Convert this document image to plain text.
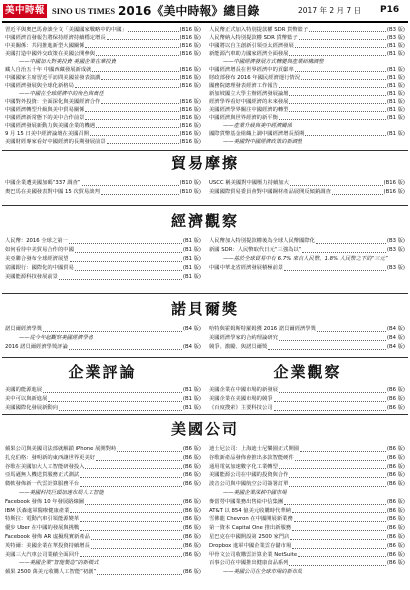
美中時報 SINO US TIMES 2016《美中時報》總目錄	2017 年 2 月 7 日 P16
習近平與奧巴馬會談全文「美國國家戰略中的中國」	(B16 版)
中國經濟首發報告將保持經濟持續穩定增長	(B16 版)
中美關係：共同推進新型大國關係	(B16 版)
美國打造中國外交政策在美國公開參與	(B16 版)
——中國加大對美投資 美國企業在華投資
藏人自治五十年 中國西藏發展新成就	(B16 版)
中國國家主席習近平訪問美國並發表演講	(B16 版)
中國經濟發展與全球化新格局	(B16 版)
——中國在全球經濟中的角色與責任
中國對外投資：全面深化與美國經濟合作	(B16 版)
中國經濟轉型升級與美中貿易關係	(B16 版)
中國經濟新常態下的美中合作前景	(B16 版)
中國經濟發展新動力與美國企業的機遇	(B16 版)
9 月 15 日美中經濟論壇在美國召開	(B16 版)
美國財經專家看好中國經濟的長期發展前景	(B16 版)
人民幣正式加入特別提款權 SDR 貨幣籃子	(B3 版)
人民幣納入特別提款權 SDR 貨幣籃子	(B3 版)
中國將以自主創新引領亞太經濟發展	(B1 版)
新能源汽車助力國家經濟全面發展	(B1 版)
——中國經濟發展方式轉變與產業結構調整
中國經濟增長在世界經濟中的貢獻率	(B1 版)
財政部發布 2016 年國民經濟運行情況	(B1 版)
國務院總理發表經濟工作報告	(B1 版)
新加坡國立大學主辦經濟發展論壇	(B1 版)
經濟學界看好中國經濟的未來發展	(B1 版)
美國經濟學界關注中國經濟的轉型	(B1 版)
中國經濟與世界經濟的新平衡	(B1 版)
——產業升級與美中經濟關係
國際貨幣基金組織上調中國經濟增長預期	(B1 版)
——美國對中國經濟政策的新調整
貿易摩擦
中國企業遭美國加碼“337 調查”	(B10 版)
奧巴馬在美國發表對中國 15 次貿易談判	(B10 版)
USCC 稱美國對中國壓力持續加大	(B16 版)
美國國際貿易委員會對中國鋼材產品展開反傾銷調查	(B16 版)
經濟觀察
人民幣：2016 全球之第一	(B1 版)
如何看待中美貿易合作的中國	(B1 版)
美亞聯合發布全球經濟展望	(B1 版)
富國銀行：國際化的中國貿易	(B1 版)
美國能源科技發展前景	(B1 版)
人民幣加入特別提款權後為全球人民幣國際化	(B3 版)
新國 SDR：人民幣取代日元“三強為以”	(B3 版)
——基於全球貿易中有 6.7% 來自人民幣，1.8% 人民幣之下的“三元”
中國中華北省經濟發展積極前景	(B3 版)
諾貝爾獎
諾貝爾經濟學獎	(B4 版)
——從今年起觀察美國經濟學者
2016 諾貝爾經濟學獎評論	(B4 版)
哈特與霍姆斯特羅姆獲 2016 諾貝爾經濟學獎	(B4 版)
美國經濟學家的合約理論研究	(B4 版)
競爭、激勵、與諾貝爾獎	(B4 版)
企業評論	企業觀察
美國的能源進展	(B1 版)
美中可以與新進展	(B1 版)
美國國際化發展新動向	(B1 版)
美國企業在中國市場的新發展	(B6 版)
美國企業在美國市場的競爭	(B6 版)
《百度搜索》主要科技公司	(B6 版)
美國公司
蘋果公司與美國司法部就解鎖 iPhone 展開對峙	(B6 版)
扎克伯格：發明新的東西讓世界更美好	(B6 版)
谷歌在美國加大人工智能研發投入	(B6 版)
亞馬遜無人機送貨服務正式測試	(B6 版)
微軟發佈新一代雲計算服務平台	(B6 版)
——美國科技巨頭加速布局人工智能
Facebook 發佈 10 年發展路線圖	(B6 版)
IBM 沃森進軍醫療健康產業	(B6 版)
特斯拉：電動汽車引領能源變革	(B6 版)
優步 Uber 在中國的發展與挑戰	(B6 版)
Facebook 發佈 AR 虛擬現實新產品	(B6 版)
英特爾：美國企業在華投資持續增長	(B6 版)
美國三大汽車公司業績全面回升	(B6 版)
——美國企業“智能製造”的新模式
蘋果 2500 萬美元收購人工智能“初創”	(B6 版)
迪士尼公司：上海迪士尼樂園正式開園	(B6 版)
谷歌新產品發佈會推出多款智能硬件	(B6 版)
通用電氣加速數字化工業轉型	(B6 版)
美國能源公司在中國的投資與合作	(B6 版)
波音公司與中國航空公司簽署訂單	(B6 版)
——美國企業深耕中國市場
麥當勞中國業務出售給中信集團	(B6 版)
AT&T 以 854 億美元收購時代華納	(B6 版)
雪佛龍 Chevron 在中國開展新業務	(B6 版)
第一資本 Capital One 推出新服務	(B6 版)
星巴克在中國開設第 2500 家門店	(B6 版)
Dropbox 進軍中國企業雲存儲市場	(B6 版)
甲骨文公司收購雲計算企業 NetSuite	(B6 版)
百事公司在中國推出健康食品系列	(B6 版)
——美國公司在全球市場的新布局
